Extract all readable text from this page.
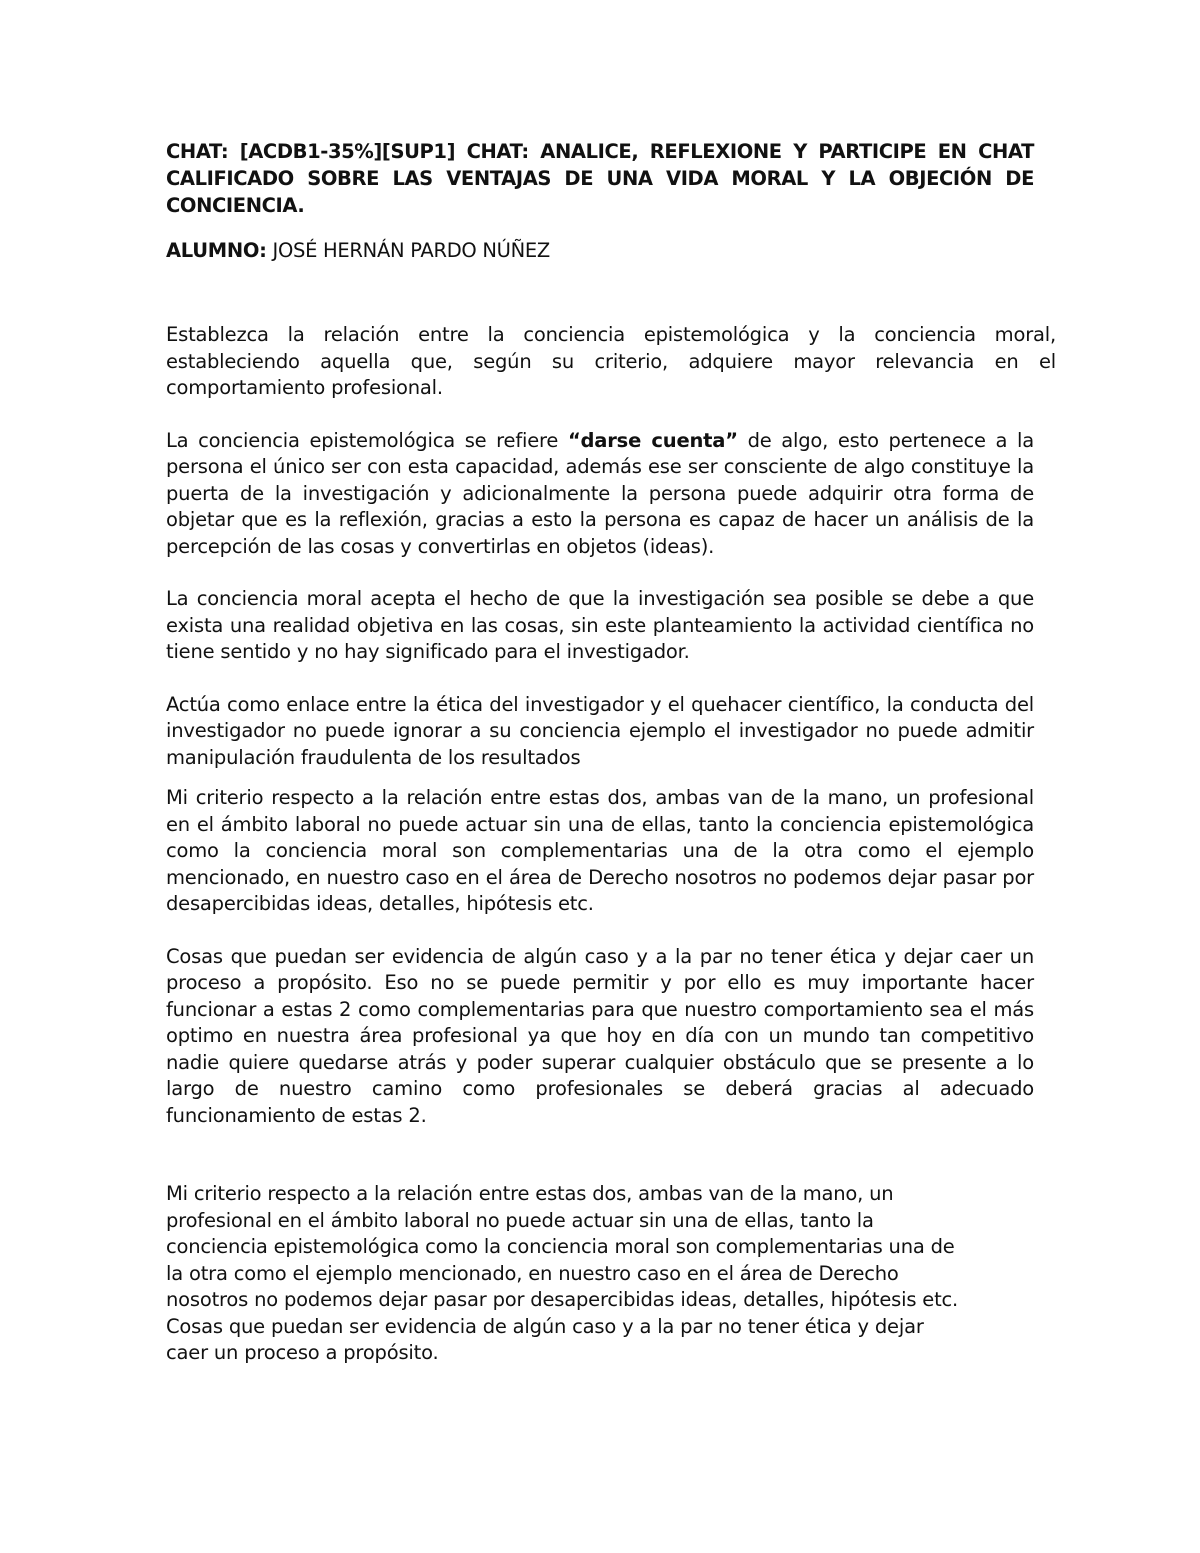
CHAT: [ACDB1-35%][SUP1] CHAT: ANALICE, REFLEXIONE Y PARTICIPE EN CHAT CALIFICADO SOBRE LAS VENTAJAS DE UNA VIDA MORAL Y LA OBJECIÓN DE CONCIENCIA.

ALUMNO: JOSÉ HERNÁN PARDO NÚÑEZ

Establezca la relación entre la conciencia epistemológica y la conciencia moral, estableciendo aquella que, según su criterio, adquiere mayor relevancia en el comportamiento profesional.

La conciencia epistemológica se refiere “darse cuenta” de algo, esto pertenece a la persona el único ser con esta capacidad, además ese ser consciente de algo constituye la puerta de la investigación y adicionalmente la persona puede adquirir otra forma de objetar que es la reflexión, gracias a esto la persona es capaz de hacer un análisis de la percepción de las cosas y convertirlas en objetos (ideas).

La conciencia moral acepta el hecho de que la investigación sea posible se debe a que exista una realidad objetiva en las cosas, sin este planteamiento la actividad científica no tiene sentido y no hay significado para el investigador.

Actúa como enlace entre la ética del investigador y el quehacer científico, la conducta del investigador no puede ignorar a su conciencia ejemplo el investigador no puede admitir manipulación fraudulenta de los resultados

Mi criterio respecto a la relación entre estas dos, ambas van de la mano, un profesional en el ámbito laboral no puede actuar sin una de ellas, tanto la conciencia epistemológica como la conciencia moral son complementarias una de la otra como el ejemplo mencionado, en nuestro caso en el área de Derecho nosotros no podemos dejar pasar por desapercibidas ideas, detalles, hipótesis etc.

Cosas que puedan ser evidencia de algún caso y a la par no tener ética y dejar caer un proceso a propósito. Eso no se puede permitir y por ello es muy importante hacer funcionar a estas 2 como complementarias para que nuestro comportamiento sea el más optimo en nuestra área profesional ya que hoy en día con un mundo tan competitivo nadie quiere quedarse atrás y poder superar cualquier obstáculo que se presente a lo largo de nuestro camino como profesionales se deberá gracias al adecuado funcionamiento de estas 2.

Mi criterio respecto a la relación entre estas dos, ambas van de la mano, un
profesional en el ámbito laboral no puede actuar sin una de ellas, tanto la
conciencia epistemológica como la conciencia moral son complementarias una de
la otra como el ejemplo mencionado, en nuestro caso en el área de Derecho
nosotros no podemos dejar pasar por desapercibidas ideas, detalles, hipótesis etc.
Cosas que puedan ser evidencia de algún caso y a la par no tener ética y dejar
caer un proceso a propósito.
